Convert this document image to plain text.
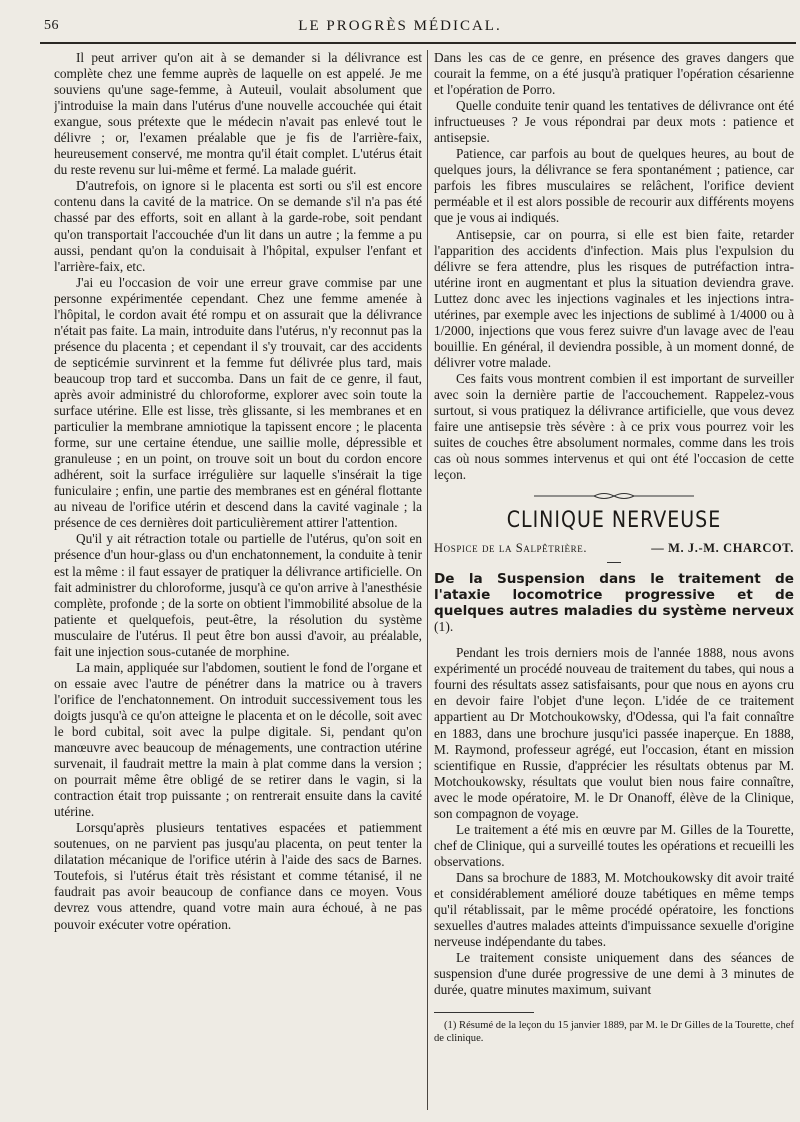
56	LE PROGRÈS MÉDICAL.

Il peut arriver qu'on ait à se demander si la délivrance est complète chez une femme auprès de laquelle on est appelé. Je me souviens qu'une sage-femme, à Auteuil, voulait absolument que j'introduise la main dans l'utérus d'une nouvelle accouchée qui était exangue, sous prétexte que le médecin n'avait pas enlevé tout le délivre ; or, l'examen préalable que je fis de l'arrière-faix, heureusement conservé, me montra qu'il était complet. L'utérus était du reste revenu sur lui-même et fermé. La malade guérit.

D'autrefois, on ignore si le placenta est sorti ou s'il est encore contenu dans la cavité de la matrice. On se demande s'il n'a pas été chassé par des efforts, soit en allant à la garde-robe, soit pendant qu'on transportait l'accouchée d'un lit dans un autre ; la femme a pu aussi, pendant qu'on la conduisait à l'hôpital, expulser l'enfant et l'arrière-faix, etc.

J'ai eu l'occasion de voir une erreur grave commise par une personne expérimentée cependant. Chez une femme amenée à l'hôpital, le cordon avait été rompu et on assurait que la délivrance n'était pas faite. La main, introduite dans l'utérus, n'y reconnut pas la présence du placenta ; et cependant il s'y trouvait, car des accidents de septicémie survinrent et la femme fut délivrée plus tard, mais beaucoup trop tard et succomba. Dans un fait de ce genre, il faut, après avoir administré du chloroforme, explorer avec soin toute la surface utérine. Elle est lisse, très glissante, si les membranes et en particulier la membrane amniotique la tapissent encore ; le placenta forme, sur une certaine étendue, une saillie molle, dépressible et granuleuse ; en un point, on trouve soit un bout du cordon encore adhérent, soit la surface irrégulière sur laquelle s'insérait la tige funiculaire ; enfin, une partie des membranes est en général flottante au niveau de l'orifice utérin et descend dans la cavité vaginale ; la présence de ces dernières doit particulièrement attirer l'attention.

Qu'il y ait rétraction totale ou partielle de l'utérus, qu'on soit en présence d'un hour-glass ou d'un enchatonnement, la conduite à tenir est la même : il faut essayer de pratiquer la délivrance artificielle. On fait administrer du chloroforme, jusqu'à ce qu'on arrive à l'anesthésie complète, profonde ; de la sorte on obtient l'immobilité absolue de la patiente et quelquefois, peut-être, la résolution du système musculaire de l'utérus. Il peut être bon aussi d'avoir, au préalable, fait une injection sous-cutanée de morphine.

La main, appliquée sur l'abdomen, soutient le fond de l'organe et on essaie avec l'autre de pénétrer dans la matrice ou à travers l'orifice de l'enchatonnement. On introduit successivement tous les doigts jusqu'à ce qu'on atteigne le placenta et on le décolle, soit avec le bord cubital, soit avec la pulpe digitale. Si, pendant qu'on manœuvre avec beaucoup de ménagements, une contraction utérine survenait, il faudrait mettre la main à plat comme dans la version ; on pourrait même être obligé de se retirer dans le vagin, si la contraction était trop puissante ; on rentrerait ensuite dans la cavité utérine.

Lorsqu'après plusieurs tentatives espacées et patiemment soutenues, on ne parvient pas jusqu'au placenta, on peut tenter la dilatation mécanique de l'orifice utérin à l'aide des sacs de Barnes. Toutefois, si l'utérus était très résistant et comme tétanisé, il ne faudrait pas avoir beaucoup de confiance dans ce moyen. Vous devrez vous attendre, quand votre main aura échoué, à ne pas pouvoir exécuter votre opération.

Dans les cas de ce genre, en présence des graves dangers que courait la femme, on a été jusqu'à pratiquer l'opération césarienne et l'opération de Porro.

Quelle conduite tenir quand les tentatives de délivrance ont été infructueuses ? Je vous répondrai par deux mots : patience et antisepsie.

Patience, car parfois au bout de quelques heures, au bout de quelques jours, la délivrance se fera spontanément ; patience, car parfois les fibres musculaires se relâchent, l'orifice devient perméable et il est alors possible de recourir aux différents moyens que je vous ai indiqués.

Antisepsie, car on pourra, si elle est bien faite, retarder l'apparition des accidents d'infection. Mais plus l'expulsion du délivre se fera attendre, plus les risques de putréfaction intra-utérine iront en augmentant et plus la situation deviendra grave. Luttez donc avec les injections vaginales et les injections intra-utérines, par exemple avec les injections de sublimé à 1/4000 ou à 1/2000, injections que vous ferez suivre d'un lavage avec de l'eau bouillie. En général, il deviendra possible, à un moment donné, de délivrer votre malade.

Ces faits vous montrent combien il est important de surveiller avec soin la dernière partie de l'accouchement. Rappelez-vous surtout, si vous pratiquez la délivrance artificielle, que vous devez faire une antisepsie très sévère : à ce prix vous pourrez voir les suites de couches être absolument normales, comme dans les trois cas où nous sommes intervenus et qui ont été l'occasion de cette leçon.

CLINIQUE NERVEUSE
Hospice de la Salpêtrière.	— M. J.-M. CHARCOT.

De la Suspension dans le traitement de l'ataxie locomotrice progressive et de quelques autres maladies du système nerveux (1).

Pendant les trois derniers mois de l'année 1888, nous avons expérimenté un procédé nouveau de traitement du tabes, qui nous a fourni des résultats assez satisfaisants, pour que nous en ayons cru en devoir faire l'objet d'une leçon. L'idée de ce traitement appartient au Dr Motchoukowsky, d'Odessa, qui l'a fait connaître en 1883, dans une brochure jusqu'ici passée inaperçue. En 1888, M. Raymond, professeur agrégé, eut l'occasion, étant en mission scientifique en Russie, d'apprécier les résultats obtenus par M. Motchoukowsky, résultats que voulut bien nous faire connaître, avec le mode opératoire, M. le Dr Onanoff, élève de la Clinique, son compagnon de voyage.

Le traitement a été mis en œuvre par M. Gilles de la Tourette, chef de Clinique, qui a surveillé toutes les opérations et recueilli les observations.

Dans sa brochure de 1883, M. Motchoukowsky dit avoir traité et considérablement amélioré douze tabétiques en même temps qu'il rétablissait, par le même procédé opératoire, les fonctions sexuelles d'autres malades atteints d'impuissance sexuelle d'origine nerveuse indépendante du tabes.

Le traitement consiste uniquement dans des séances de suspension d'une durée progressive de une demi à 3 minutes de durée, quatre minutes maximum, suivant

(1) Résumé de la leçon du 15 janvier 1889, par M. le Dr Gilles de la Tourette, chef de clinique.
